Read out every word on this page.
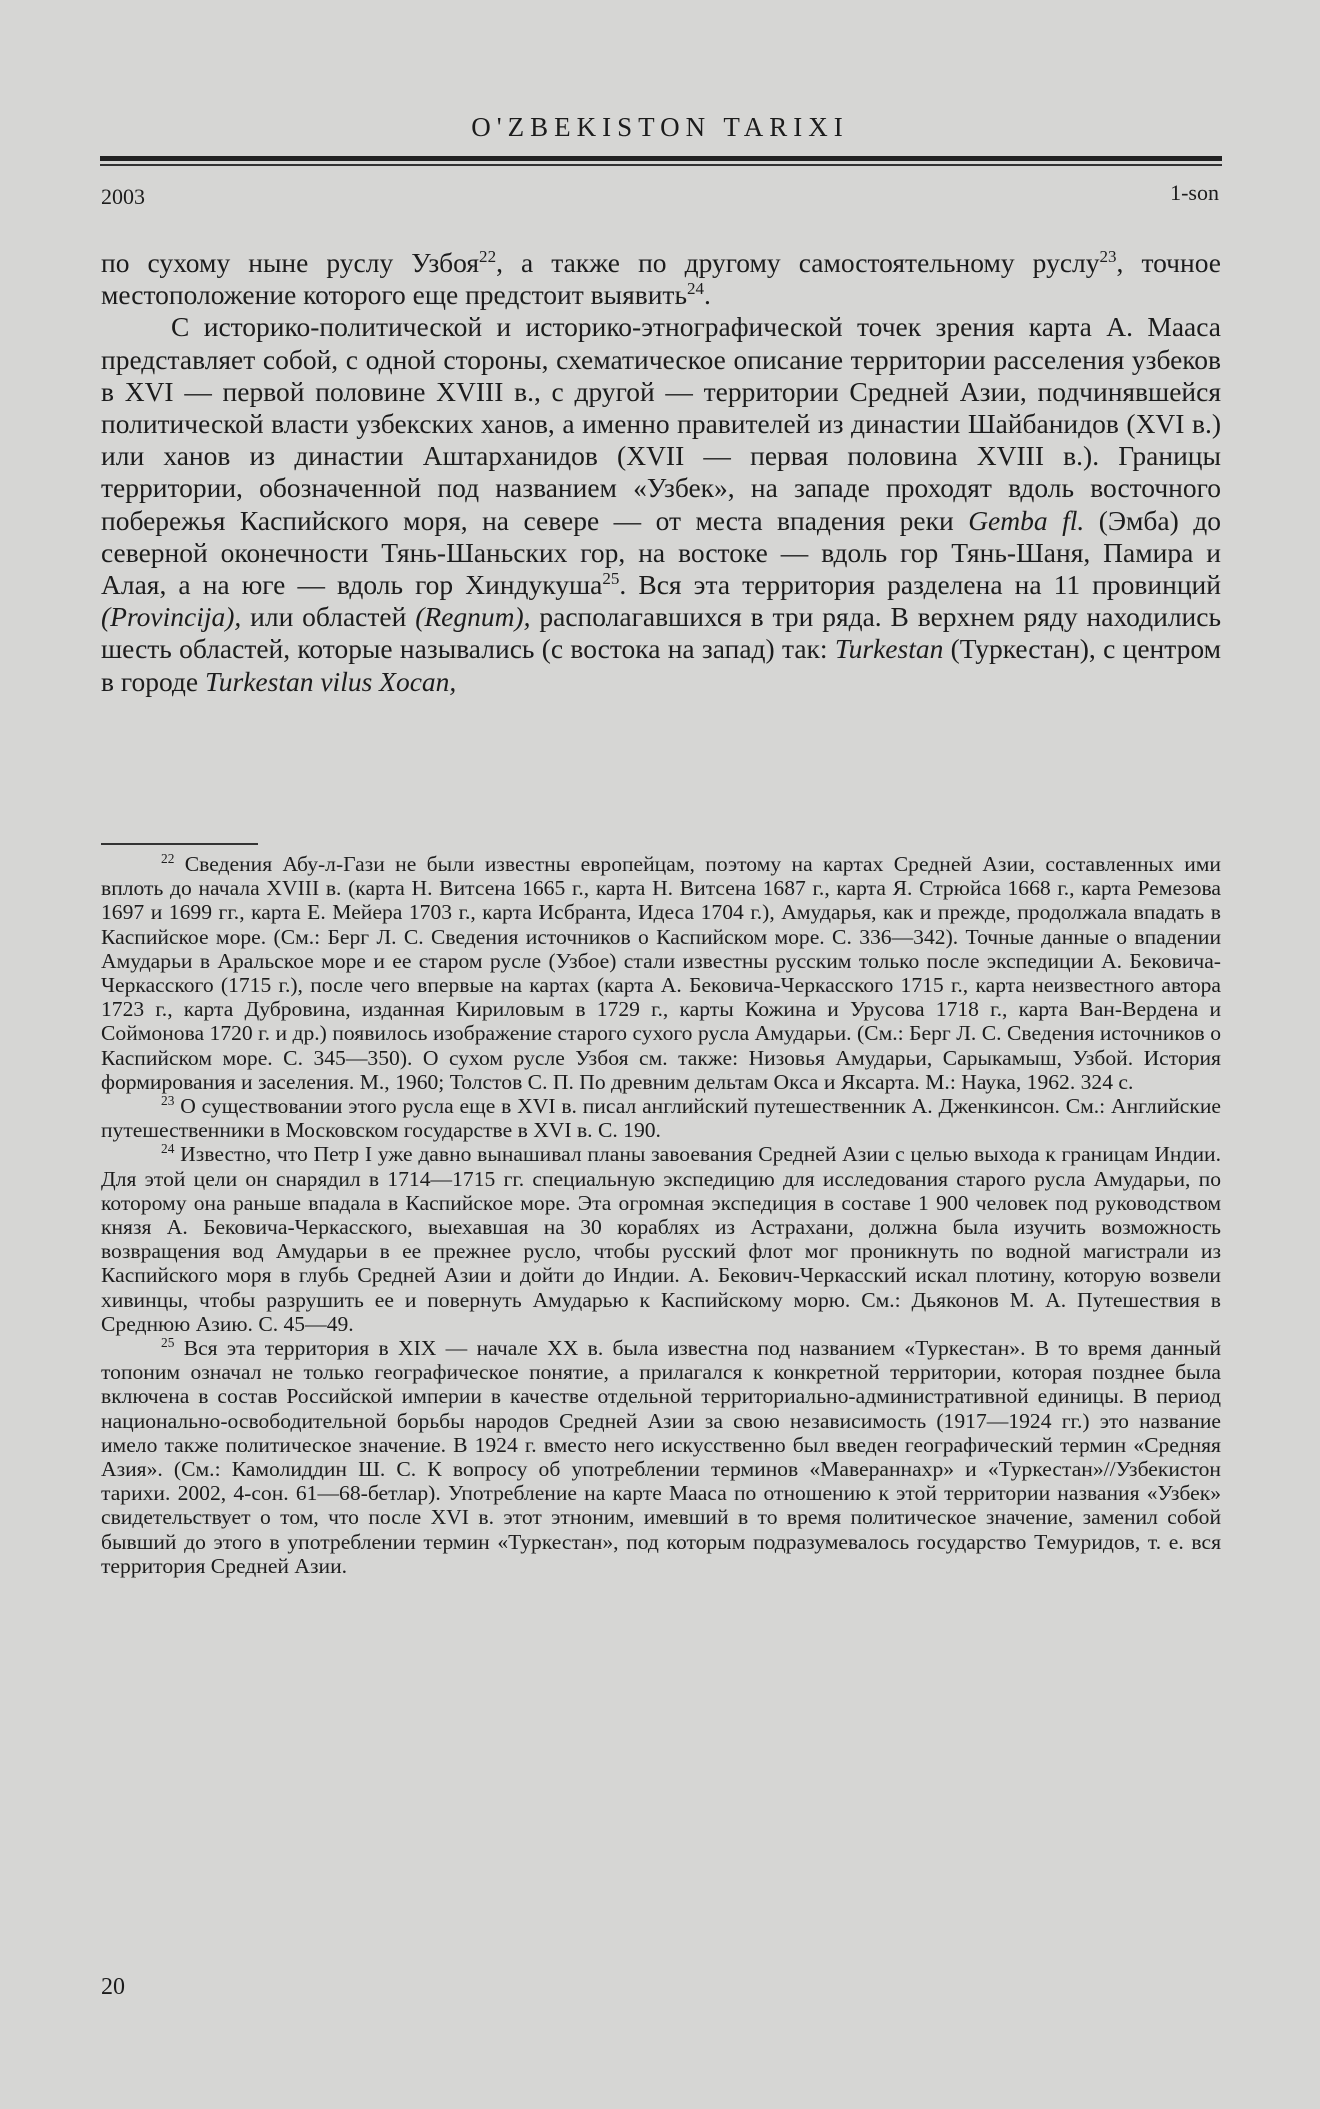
O'ZBEKISTON TARIXI
2003	1-son

по сухому ныне руслу Узбоя$^{22}$, а также по другому самостоятельному руслу$^{23}$, точное местоположение которого еще предстоит выявить$^{24}$.

С историко-политической и историко-этнографической точек зрения карта А. Мааса представляет собой, с одной стороны, схематическое описание территории расселения узбеков в XVI — первой половине XVIII в., с другой — территории Средней Азии, подчинявшейся политической власти узбекских ханов, а именно правителей из династии Шайбанидов (XVI в.) или ханов из династии Аштарханидов (XVII — первая половина XVIII в.). Границы территории, обозначенной под названием «Узбек», на западе проходят вдоль восточного побережья Каспийского моря, на севере — от места впадения реки Gemba fl. (Эмба) до северной оконечности Тянь-Шаньских гор, на востоке — вдоль гор Тянь-Шаня, Памира и Алая, а на юге — вдоль гор Хиндукуша$^{25}$. Вся эта территория разделена на 11 провинций (Provincija), или областей (Regnum), располагавшихся в три ряда. В верхнем ряду находились шесть областей, которые назывались (с востока на запад) так: Turkestan (Туркестан), с центром в городе Turkestan vilus Xocan,

$^{22}$ Сведения Абу-л-Гази не были известны европейцам, поэтому на картах Средней Азии, составленных ими вплоть до начала XVIII в. (карта Н. Витсена 1665 г., карта Н. Витсена 1687 г., карта Я. Стрюйса 1668 г., карта Ремезова 1697 и 1699 гг., карта Е. Мейера 1703 г., карта Исбранта, Идеса 1704 г.), Амударья, как и прежде, продолжала впадать в Каспийское море. (См.: Берг Л. С. Сведения источников о Каспийском море. С. 336—342). Точные данные о впадении Амударьи в Аральское море и ее старом русле (Узбое) стали известны русским только после экспедиции А. Бековича-Черкасского (1715 г.), после чего впервые на картах (карта А. Бековича-Черкасского 1715 г., карта неизвестного автора 1723 г., карта Дубровина, изданная Кириловым в 1729 г., карты Кожина и Урусова 1718 г., карта Ван-Вердена и Соймонова 1720 г. и др.) появилось изображение старого сухого русла Амударьи. (См.: Берг Л. С. Сведения источников о Каспийском море. С. 345—350). О сухом русле Узбоя см. также: Низовья Амударьи, Сарыкамыш, Узбой. История формирования и заселения. М., 1960; Толстов С. П. По древним дельтам Окса и Яксарта. М.: Наука, 1962. 324 с.

$^{23}$ О существовании этого русла еще в XVI в. писал английский путешественник А. Дженкинсон. См.: Английские путешественники в Московском государстве в XVI в. С. 190.

$^{24}$ Известно, что Петр I уже давно вынашивал планы завоевания Средней Азии с целью выхода к границам Индии. Для этой цели он снарядил в 1714—1715 гг. специальную экспедицию для исследования старого русла Амударьи, по которому она раньше впадала в Каспийское море. Эта огромная экспедиция в составе 1 900 человек под руководством князя А. Бековича-Черкасского, выехавшая на 30 кораблях из Астрахани, должна была изучить возможность возвращения вод Амударьи в ее прежнее русло, чтобы русский флот мог проникнуть по водной магистрали из Каспийского моря в глубь Средней Азии и дойти до Индии. А. Бекович-Черкасский искал плотину, которую возвели хивинцы, чтобы разрушить ее и повернуть Амударью к Каспийскому морю. См.: Дьяконов М. А. Путешествия в Среднюю Азию. С. 45—49.

$^{25}$ Вся эта территория в XIX — начале XX в. была известна под названием «Туркестан». В то время данный топоним означал не только географическое понятие, а прилагался к конкретной территории, которая позднее была включена в состав Российской империи в качестве отдельной территориально-административной единицы. В период национально-освободительной борьбы народов Средней Азии за свою независимость (1917—1924 гг.) это название имело также политическое значение. В 1924 г. вместо него искусственно был введен географический термин «Средняя Азия». (См.: Камолиддин Ш. С. К вопросу об употреблении терминов «Мавераннахр» и «Туркестан»//Узбекистон тарихи. 2002, 4-сон. 61—68-бетлар). Употребление на карте Мааса по отношению к этой территории названия «Узбек» свидетельствует о том, что после XVI в. этот этноним, имевший в то время политическое значение, заменил собой бывший до этого в употреблении термин «Туркестан», под которым подразумевалось государство Темуридов, т. е. вся территория Средней Азии.

20
